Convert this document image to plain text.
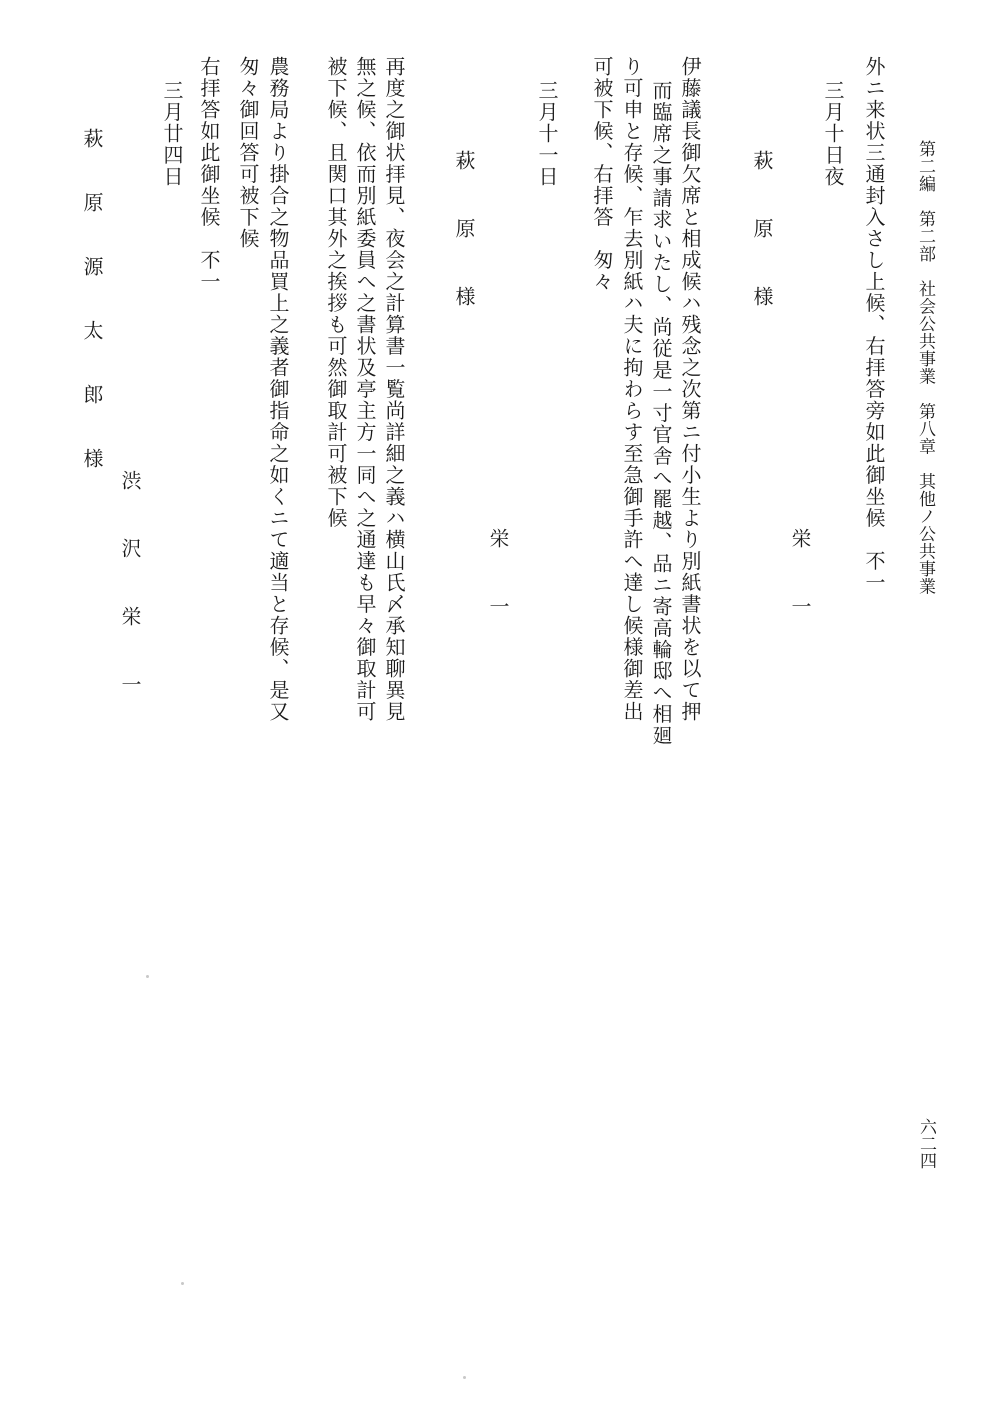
第二編　第二部　社会公共事業　第八章　其他ノ公共事業
六二四
外ニ来状三通封入さし上候、右拝答旁如此御坐候　不一
三月十日夜
栄　一
萩　原　様
伊藤議長御欠席と相成候ハ残念之次第ニ付小生より別紙書状を以て押
而臨席之事請求いたし、尚従是一寸官舎へ罷越、品ニ寄高輪邸へ相廻
り可申と存候、乍去別紙ハ夫に拘わらす至急御手許へ達し候様御差出
可被下候、右拝答　匆々
三月十一日
栄　一
萩　原　様
再度之御状拝見、夜会之計算書一覧尚詳細之義ハ横山氏〆承知聊異見
無之候、依而別紙委員へ之書状及亭主方一同へ之通達も早々御取計可
被下候、且関口其外之挨拶も可然御取計可被下候
農務局より掛合之物品買上之義者御指命之如くニて適当と存候、是又
匆々御回答可被下候
右拝答如此御坐候　不一
三月廿四日
渋　沢　栄　一
萩　原　源　太　郎　様
